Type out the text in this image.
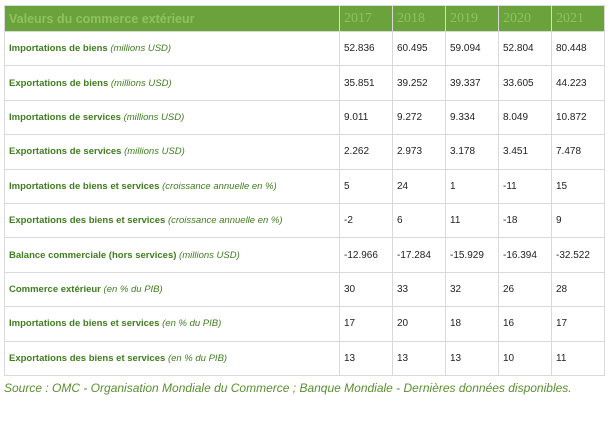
Valeurs du commerce extérieur	2017	2018	2019	2020	2021
Importations de biens (millions USD)	52.836	60.495	59.094	52.804	80.448
Exportations de biens (millions USD)	35.851	39.252	39.337	33.605	44.223
Importations de services (millions USD)	9.011	9.272	9.334	8.049	10.872
Exportations de services (millions USD)	2.262	2.973	3.178	3.451	7.478
Importations de biens et services (croissance annuelle en %)	5	24	1	-11	15
Exportations des biens et services (croissance annuelle en %)	-2	6	11	-18	9
Balance commerciale (hors services) (millions USD)	-12.966	-17.284	-15.929	-16.394	-32.522
Commerce extérieur (en % du PIB)	30	33	32	26	28
Importations de biens et services (en % du PIB)	17	20	18	16	17
Exportations des biens et services (en % du PIB)	13	13	13	10	11
Source : OMC - Organisation Mondiale du Commerce ; Banque Mondiale - Dernières données disponibles.
